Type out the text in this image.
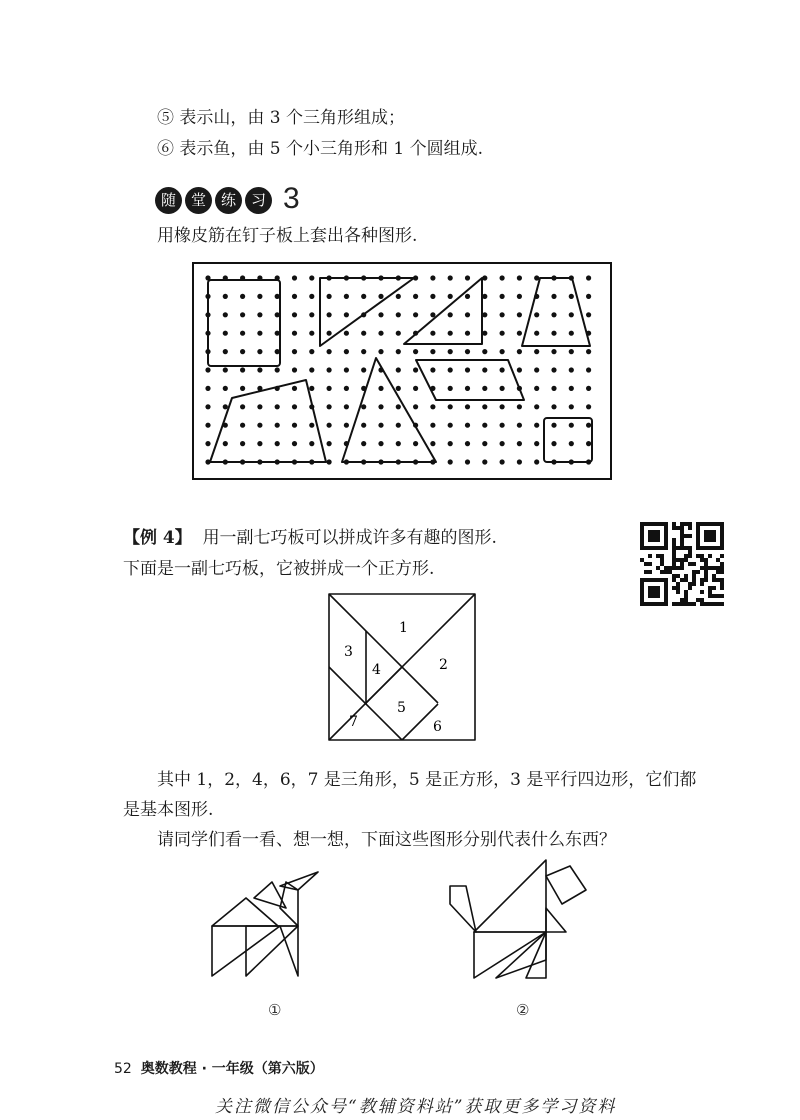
⑤ 表示山，由 3 个三角形组成；
⑥ 表示鱼，由 5 个小三角形和 1 个圆组成.
随 堂 练 习 3
用橡皮筋在钉子板上套出各种图形.
【例 4】 用一副七巧板可以拼成许多有趣的图形.
下面是一副七巧板，它被拼成一个正方形.
1
2
3
4
5
6
7
其中 1，2，4，6，7 是三角形，5 是正方形，3 是平行四边形，它们都
是基本图形.
请同学们看一看、想一想，下面这些图形分别代表什么东西？
①	②
52 奥数教程 · 一年级（第六版）
关注微信公众号“教辅资料站”获取更多学习资料
